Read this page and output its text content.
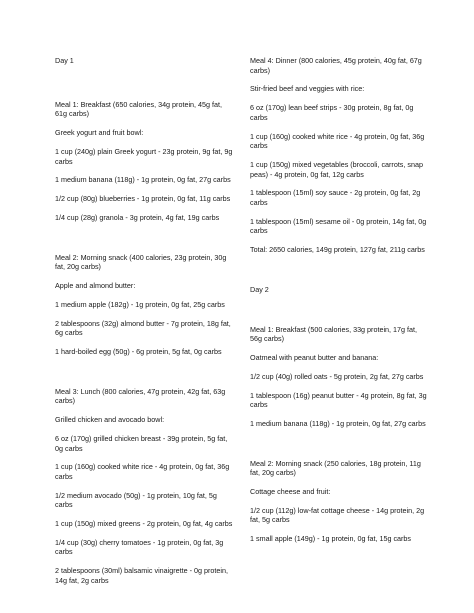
Day 1

Meal 1: Breakfast (650 calories, 34g protein, 45g fat, 61g carbs)

Greek yogurt and fruit bowl:

1 cup (240g) plain Greek yogurt - 23g protein, 9g fat, 9g carbs

1 medium banana (118g) - 1g protein, 0g fat, 27g carbs

1/2 cup (80g) blueberries - 1g protein, 0g fat, 11g carbs

1/4 cup (28g) granola - 3g protein, 4g fat, 19g carbs

Meal 2: Morning snack (400 calories, 23g protein, 30g fat, 20g carbs)

Apple and almond butter:

1 medium apple (182g) - 1g protein, 0g fat, 25g carbs

2 tablespoons (32g) almond butter - 7g protein, 18g fat, 6g carbs

1 hard-boiled egg (50g) - 6g protein, 5g fat, 0g carbs

Meal 3: Lunch (800 calories, 47g protein, 42g fat, 63g carbs)

Grilled chicken and avocado bowl:

6 oz (170g) grilled chicken breast - 39g protein, 5g fat, 0g carbs

1 cup (160g) cooked white rice - 4g protein, 0g fat, 36g carbs

1/2 medium avocado (50g) - 1g protein, 10g fat, 5g carbs

1 cup (150g) mixed greens - 2g protein, 0g fat, 4g carbs

1/4 cup (30g) cherry tomatoes - 1g protein, 0g fat, 3g carbs

2 tablespoons (30ml) balsamic vinaigrette - 0g protein, 14g fat, 2g carbs

Meal 4: Dinner (800 calories, 45g protein, 40g fat, 67g carbs)

Stir-fried beef and veggies with rice:

6 oz (170g) lean beef strips - 30g protein, 8g fat, 0g carbs

1 cup (160g) cooked white rice - 4g protein, 0g fat, 36g carbs

1 cup (150g) mixed vegetables (broccoli, carrots, snap peas) - 4g protein, 0g fat, 12g carbs

1 tablespoon (15ml) soy sauce - 2g protein, 0g fat, 2g carbs

1 tablespoon (15ml) sesame oil - 0g protein, 14g fat, 0g carbs

Total: 2650 calories, 149g protein, 127g fat, 211g carbs

Day 2

Meal 1: Breakfast (500 calories, 33g protein, 17g fat, 56g carbs)

Oatmeal with peanut butter and banana:

1/2 cup (40g) rolled oats - 5g protein, 2g fat, 27g carbs

1 tablespoon (16g) peanut butter - 4g protein, 8g fat, 3g carbs

1 medium banana (118g) - 1g protein, 0g fat, 27g carbs

Meal 2: Morning snack (250 calories, 18g protein, 11g fat, 20g carbs)

Cottage cheese and fruit:

1/2 cup (112g) low-fat cottage cheese - 14g protein, 2g fat, 5g carbs

1 small apple (149g) - 1g protein, 0g fat, 15g carbs
